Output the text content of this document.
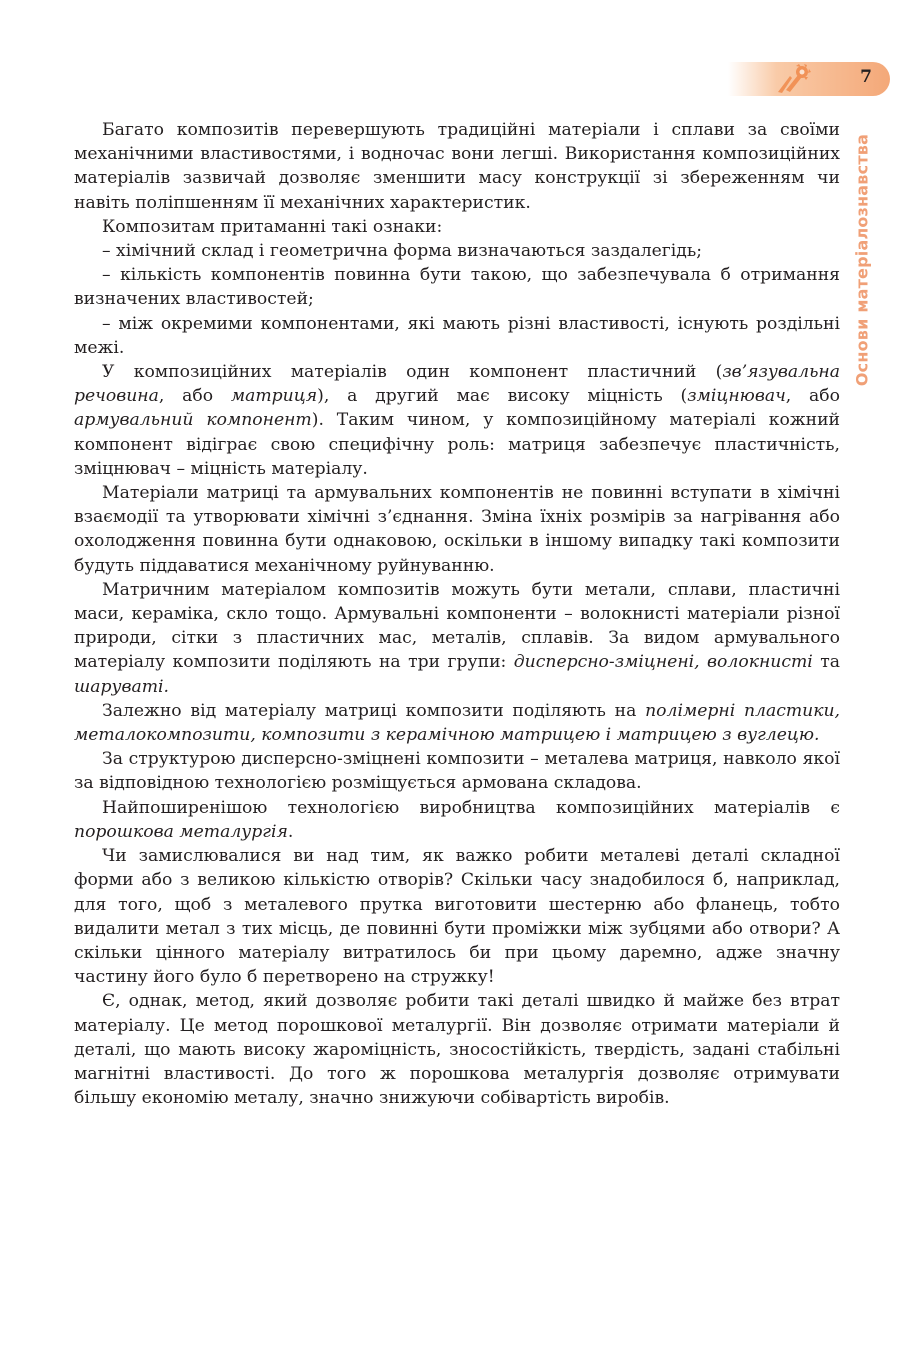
7
Основи матеріалознавства

Багато композитів перевершують традиційні матеріали і сплави за своїми механічними властивостями, і водночас вони легші. Використання композиційних матеріалів зазвичай дозволяє зменшити масу конструкції зі збереженням чи навіть поліпшенням її механічних характеристик.

Композитам притаманні такі ознаки:

– хімічний склад і геометрична форма визначаються заздалегідь;

– кількість компонентів повинна бути такою, що забезпечувала б отримання визначених властивостей;

– між окремими компонентами, які мають різні властивості, існують роздільні межі.

У композиційних матеріалів один компонент пластичний (зв’язувальна речовина, або матриця), а другий має високу міцність (зміцнювач, або армувальний компонент). Таким чином, у композиційному матеріалі кожний компонент відіграє свою специфічну роль: матриця забезпечує пластичність, зміцнювач – міцність матеріалу.

Матеріали матриці та армувальних компонентів не повинні вступати в хімічні взаємодії та утворювати хімічні з’єднання. Зміна їхніх розмірів за нагрівання або охолодження повинна бути однаковою, оскільки в іншому випадку такі композити будуть піддаватися механічному руйнуванню.

Матричним матеріалом композитів можуть бути метали, сплави, пластичні маси, кераміка, скло тощо. Армувальні компоненти – волокнисті матеріали різної природи, сітки з пластичних мас, металів, сплавів. За видом армувального матеріалу композити поділяють на три групи: дисперсно-зміцнені, волокнисті та шаруваті.

Залежно від матеріалу матриці композити поділяють на полімерні пластики, металокомпозити, композити з керамічною матрицею і матрицею з вуглецю.

За структурою дисперсно-зміцнені композити – металева матриця, навколо якої за відповідною технологією розміщується армована складова.

Найпоширенішою технологією виробництва композиційних матеріалів є порошкова металургія.

Чи замислювалися ви над тим, як важко робити металеві деталі складної форми або з великою кількістю отворів? Скільки часу знадобилося б, наприклад, для того, щоб з металевого прутка виготовити шестерню або фланець, тобто видалити метал з тих місць, де повинні бути проміжки між зубцями або отвори? А скільки цінного матеріалу витратилось би при цьому даремно, адже значну частину його було б перетворено на стружку!

Є, однак, метод, який дозволяє робити такі деталі швидко й майже без втрат матеріалу. Це метод порошкової металургії. Він дозволяє отримати матеріали й деталі, що мають високу жароміцність, зносостійкість, твердість, задані стабільні магнітні властивості. До того ж порошкова металургія дозволяє отримувати більшу економію металу, значно знижуючи собівартість виробів.
